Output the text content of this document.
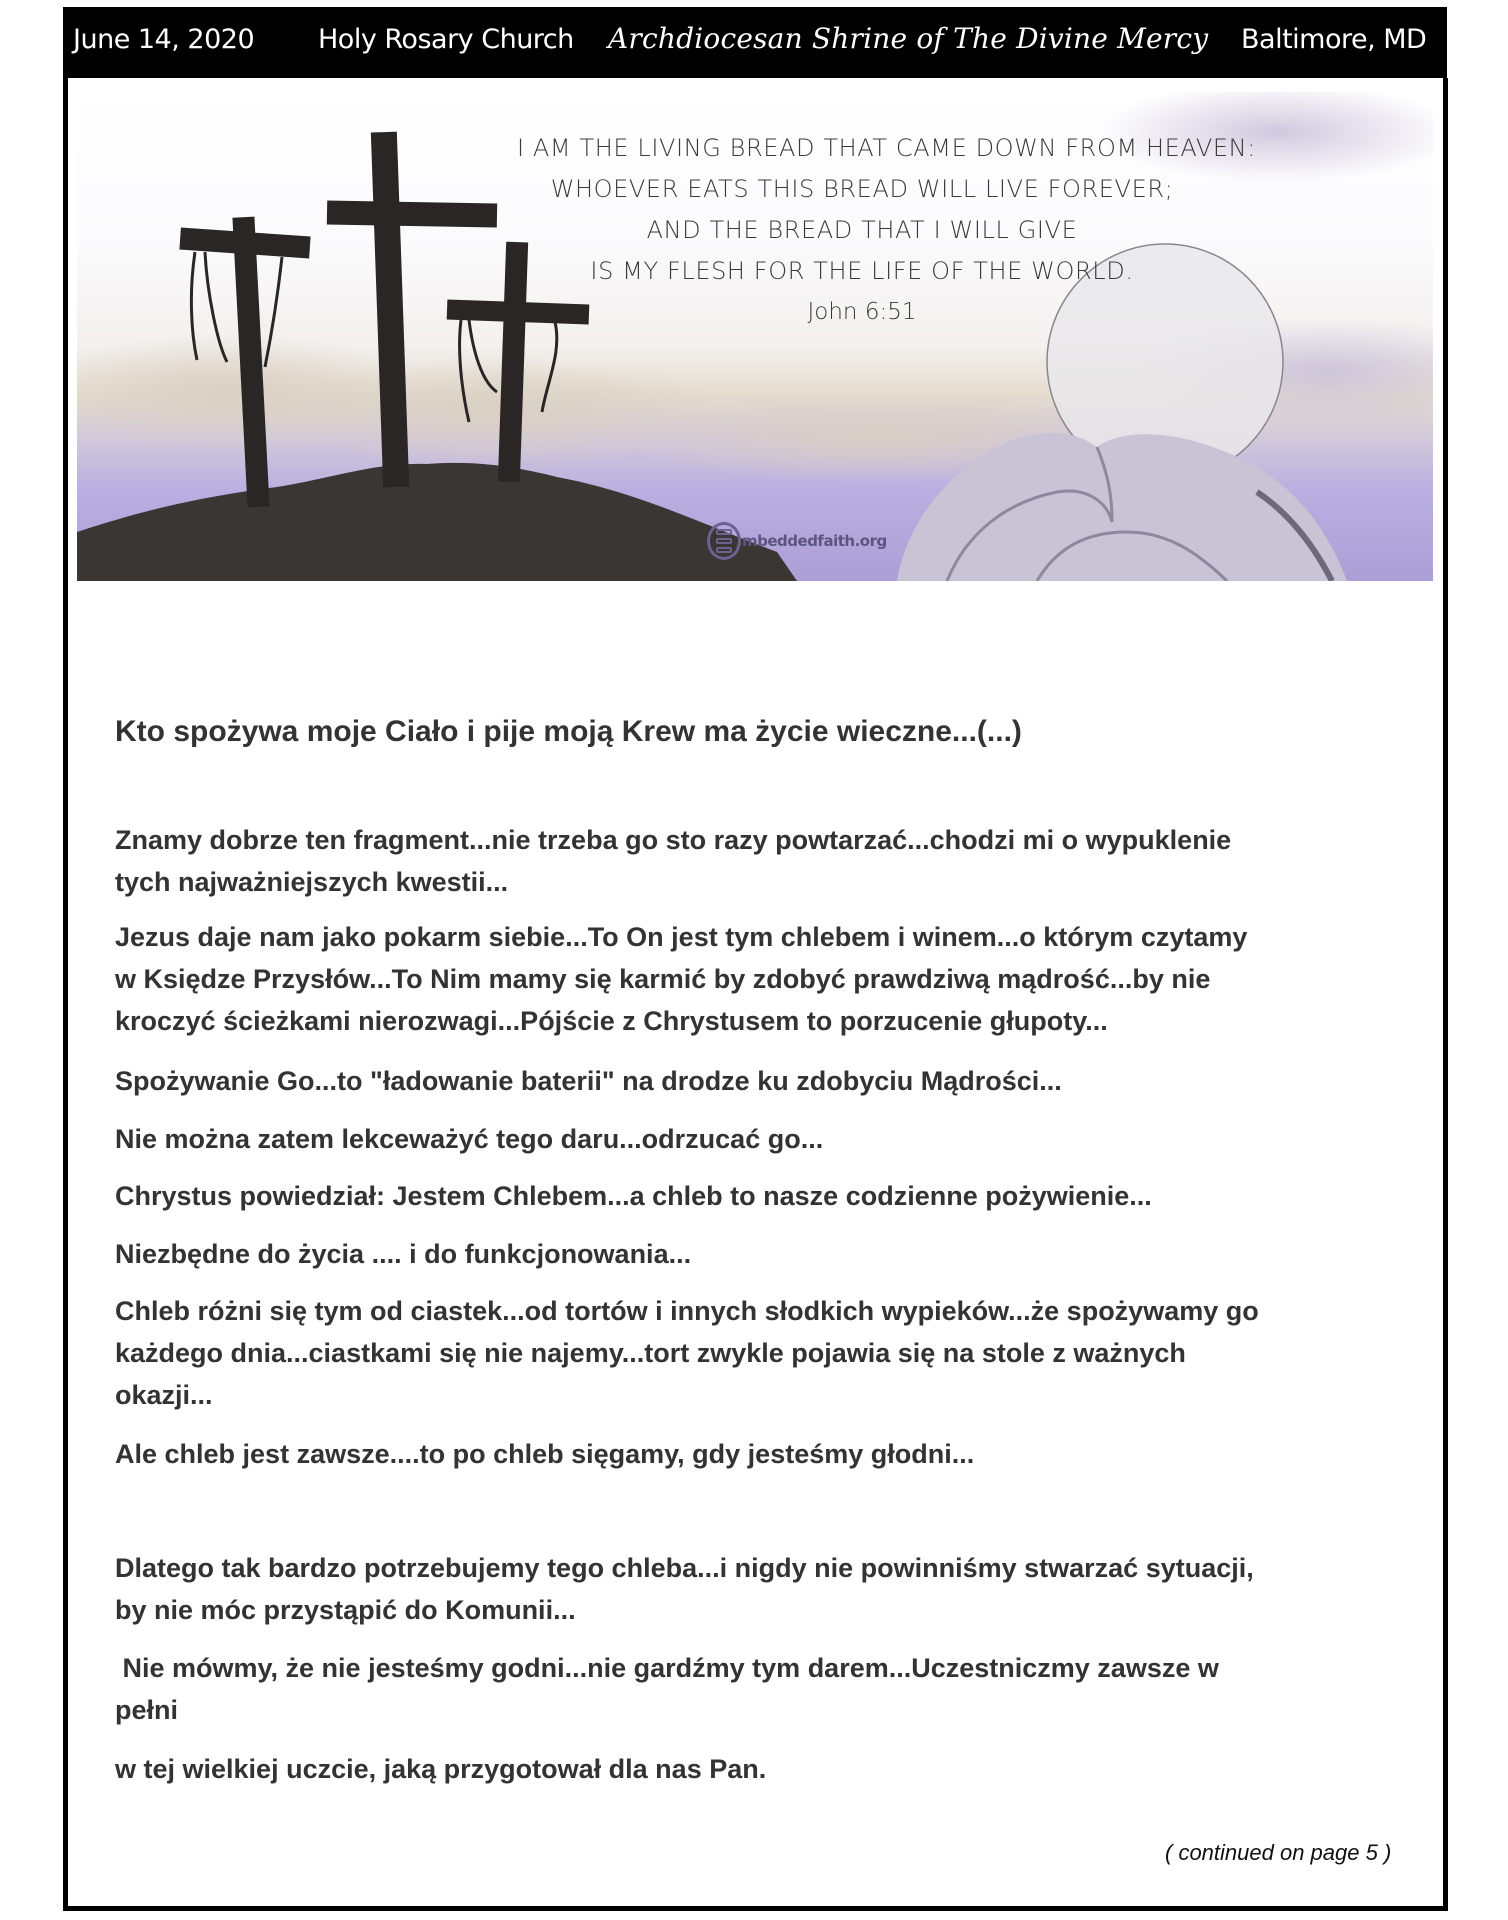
June 14, 2020 Holy Rosary Church Archdiocesan Shrine of The Divine Mercy Baltimore, MD
I AM THE LIVING BREAD THAT CAME DOWN FROM HEAVEN:
WHOEVER EATS THIS BREAD WILL LIVE FOREVER;
AND THE BREAD THAT I WILL GIVE
IS MY FLESH FOR THE LIFE OF THE WORLD.
John 6:51
mbeddedfaith.org
Kto spożywa moje Ciało i pije moją Krew ma życie wieczne...(...)
Znamy dobrze ten fragment...nie trzeba go sto razy powtarzać...chodzi mi o wypuklenie
tych najważniejszych kwestii...
Jezus daje nam jako pokarm siebie...To On jest tym chlebem i winem...o którym czytamy
w Księdze Przysłów...To Nim mamy się karmić by zdobyć prawdziwą mądrość...by nie
kroczyć ścieżkami nierozwagi...Pójście z Chrystusem to porzucenie głupoty...
Spożywanie Go...to "ładowanie baterii" na drodze ku zdobyciu Mądrości...
Nie można zatem lekceważyć tego daru...odrzucać go...
Chrystus powiedział: Jestem Chlebem...a chleb to nasze codzienne pożywienie...
Niezbędne do życia .... i do funkcjonowania...
Chleb różni się tym od ciastek...od tortów i innych słodkich wypieków...że spożywamy go
każdego dnia...ciastkami się nie najemy...tort zwykle pojawia się na stole z ważnych
okazji...
Ale chleb jest zawsze....to po chleb sięgamy, gdy jesteśmy głodni...
Dlatego tak bardzo potrzebujemy tego chleba...i nigdy nie powinniśmy stwarzać sytuacji,
by nie móc przystąpić do Komunii...
Nie mówmy, że nie jesteśmy godni...nie gardźmy tym darem...Uczestniczmy zawsze w
pełni
w tej wielkiej uczcie, jaką przygotował dla nas Pan.
( continued on page 5 )
